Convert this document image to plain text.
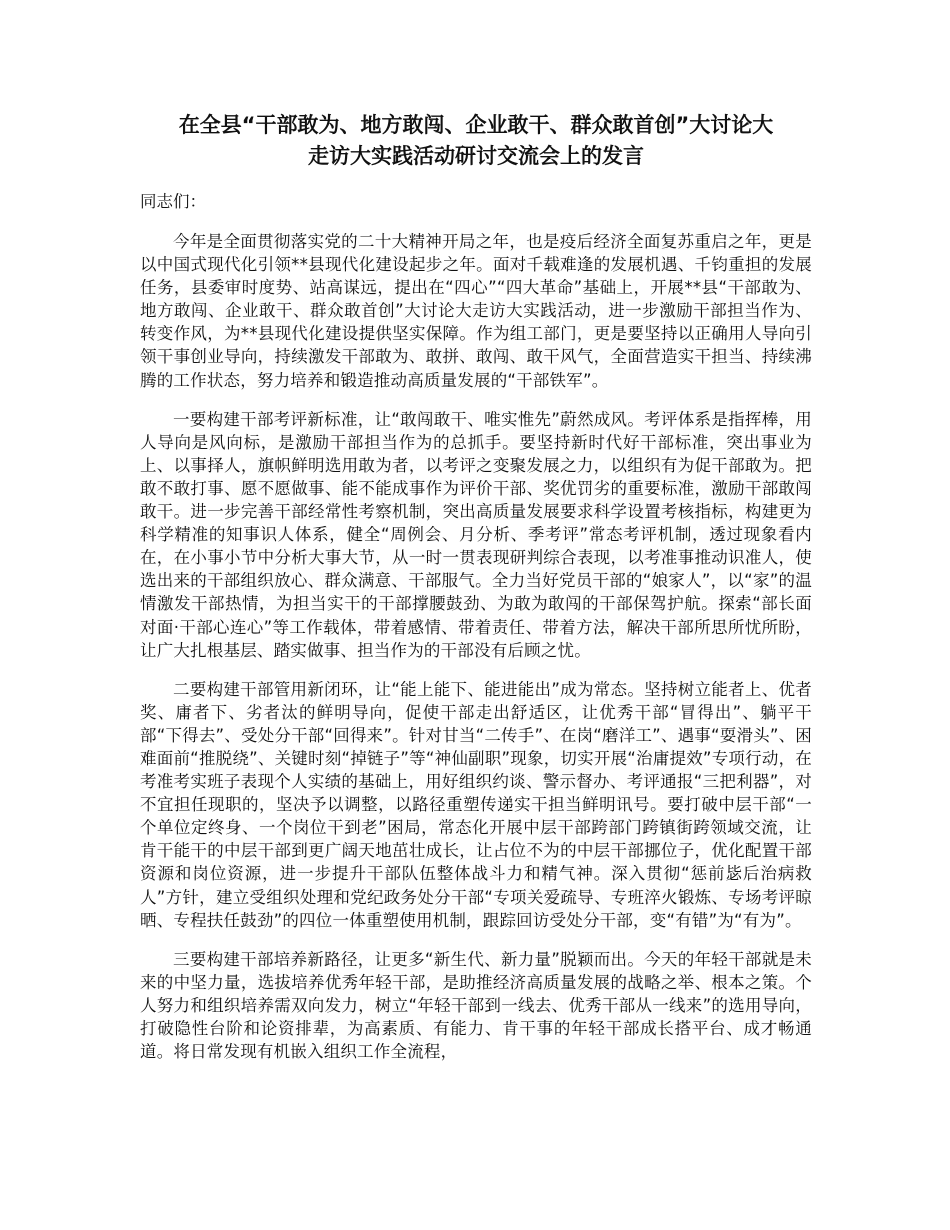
在全县“干部敢为、地方敢闯、企业敢干、群众敢首创”大讨论大
走访大实践活动研讨交流会上的发言

同志们：

今年是全面贯彻落实党的二十大精神开局之年，也是疫后经济全面复苏重启之年，更是以中国式现代化引领**县现代化建设起步之年。面对千载难逢的发展机遇、千钧重担的发展任务，县委审时度势、站高谋远，提出在“四心”“四大革命”基础上，开展**县“干部敢为、地方敢闯、企业敢干、群众敢首创”大讨论大走访大实践活动，进一步激励干部担当作为、转变作风，为**县现代化建设提供坚实保障。作为组工部门，更是要坚持以正确用人导向引领干事创业导向，持续激发干部敢为、敢拼、敢闯、敢干风气，全面营造实干担当、持续沸腾的工作状态，努力培养和锻造推动高质量发展的“干部铁军”。

一要构建干部考评新标准，让“敢闯敢干、唯实惟先”蔚然成风。考评体系是指挥棒，用人导向是风向标，是激励干部担当作为的总抓手。要坚持新时代好干部标准，突出事业为上、以事择人，旗帜鲜明选用敢为者，以考评之变聚发展之力，以组织有为促干部敢为。把敢不敢打事、愿不愿做事、能不能成事作为评价干部、奖优罚劣的重要标准，激励干部敢闯敢干。进一步完善干部经常性考察机制，突出高质量发展要求科学设置考核指标，构建更为科学精准的知事识人体系，健全“周例会、月分析、季考评”常态考评机制，透过现象看内在，在小事小节中分析大事大节，从一时一贯表现研判综合表现，以考准事推动识准人，使选出来的干部组织放心、群众满意、干部服气。全力当好党员干部的“娘家人”，以“家”的温情激发干部热情，为担当实干的干部撑腰鼓劲、为敢为敢闯的干部保驾护航。探索“部长面对面·干部心连心”等工作载体，带着感情、带着责任、带着方法，解决干部所思所忧所盼，让广大扎根基层、踏实做事、担当作为的干部没有后顾之忧。

二要构建干部管用新闭环，让“能上能下、能进能出”成为常态。坚持树立能者上、优者奖、庸者下、劣者汰的鲜明导向，促使干部走出舒适区，让优秀干部“冒得出”、躺平干部“下得去”、受处分干部“回得来”。针对甘当“二传手”、在岗“磨洋工”、遇事“耍滑头”、困难面前“推脱绕”、关键时刻“掉链子”等“神仙副职”现象，切实开展“治庸提效”专项行动，在考准考实班子表现个人实绩的基础上，用好组织约谈、警示督办、考评通报“三把利器”，对不宜担任现职的，坚决予以调整，以路径重塑传递实干担当鲜明讯号。要打破中层干部“一个单位定终身、一个岗位干到老”困局，常态化开展中层干部跨部门跨镇街跨领域交流，让肯干能干的中层干部到更广阔天地茁壮成长，让占位不为的中层干部挪位子，优化配置干部资源和岗位资源，进一步提升干部队伍整体战斗力和精气神。深入贯彻“惩前毖后治病救人”方针，建立受组织处理和党纪政务处分干部“专项关爱疏导、专班淬火锻炼、专场考评晾晒、专程扶任鼓劲”的四位一体重塑使用机制，跟踪回访受处分干部，变“有错”为“有为”。

三要构建干部培养新路径，让更多“新生代、新力量”脱颖而出。今天的年轻干部就是未来的中坚力量，选拔培养优秀年轻干部，是助推经济高质量发展的战略之举、根本之策。个人努力和组织培养需双向发力，树立“年轻干部到一线去、优秀干部从一线来”的选用导向，打破隐性台阶和论资排辈，为高素质、有能力、肯干事的年轻干部成长搭平台、成才畅通道。将日常发现有机嵌入组织工作全流程，
